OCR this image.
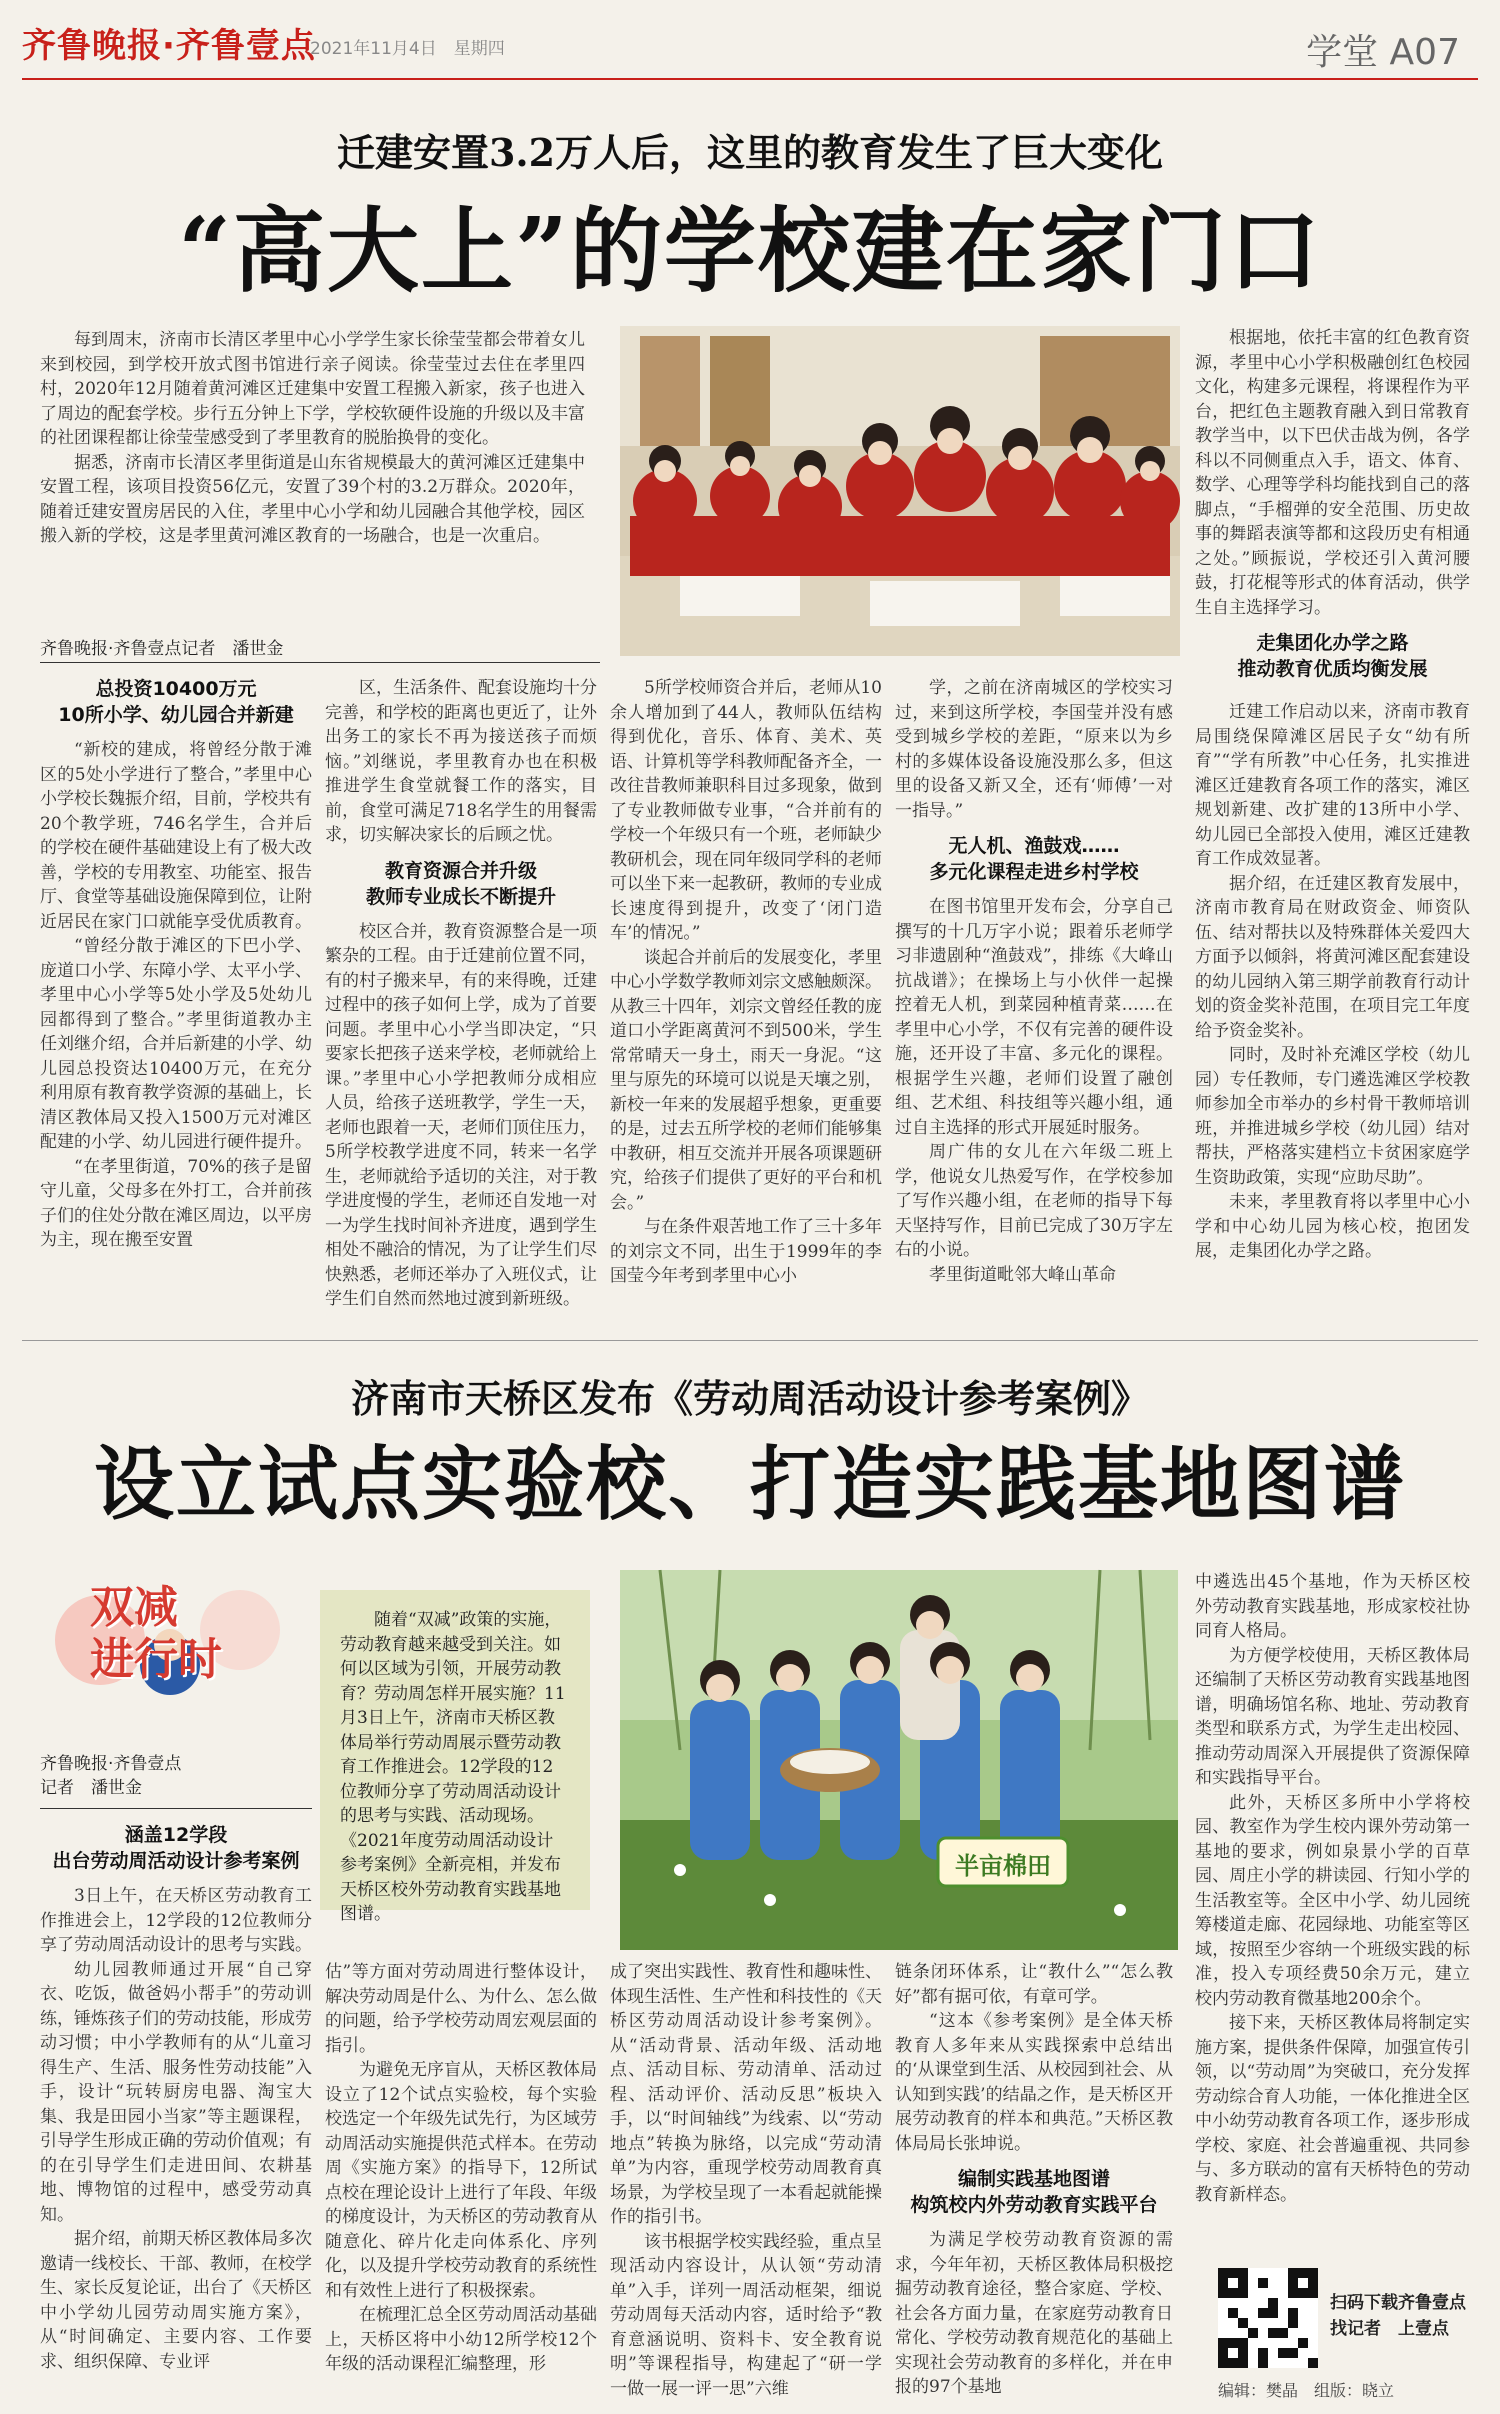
齐鲁晚报·齐鲁壹点
2021年11月4日　星期四	学堂 A07
迁建安置3.2万人后，这里的教育发生了巨大变化
“高大上”的学校建在家门口

每到周末，济南市长清区孝里中心小学学生家长徐莹莹都会带着女儿来到校园，到学校开放式图书馆进行亲子阅读。徐莹莹过去住在孝里四村，2020年12月随着黄河滩区迁建集中安置工程搬入新家，孩子也进入了周边的配套学校。步行五分钟上下学，学校软硬件设施的升级以及丰富的社团课程都让徐莹莹感受到了孝里教育的脱胎换骨的变化。

据悉，济南市长清区孝里街道是山东省规模最大的黄河滩区迁建集中安置工程，该项目投资56亿元，安置了39个村的3.2万群众。2020年，随着迁建安置房居民的入住，孝里中心小学和幼儿园融合其他学校，园区搬入新的学校，这是孝里黄河滩区教育的一场融合，也是一次重启。

根据地，依托丰富的红色教育资源，孝里中心小学积极融创红色校园文化，构建多元课程，将课程作为平台，把红色主题教育融入到日常教育教学当中，以下巴伏击战为例，各学科以不同侧重点入手，语文、体育、数学、心理等学科均能找到自己的落脚点，“手榴弹的安全范围、历史故事的舞蹈表演等都和这段历史有相通之处。”顾振说，学校还引入黄河腰鼓，打花棍等形式的体育活动，供学生自主选择学习。

走集团化办学之路
推动教育优质均衡发展
齐鲁晚报·齐鲁壹点记者　潘世金
总投资10400万元
10所小学、幼儿园合并新建

“新校的建成，将曾经分散于滩区的5处小学进行了整合，”孝里中心小学校长魏振介绍，目前，学校共有20个教学班，746名学生，合并后的学校在硬件基础建设上有了极大改善，学校的专用教室、功能室、报告厅、食堂等基础设施保障到位，让附近居民在家门口就能享受优质教育。

“曾经分散于滩区的下巴小学、庞道口小学、东障小学、太平小学、孝里中心小学等5处小学及5处幼儿园都得到了整合。”孝里街道教办主任刘继介绍，合并后新建的小学、幼儿园总投资达10400万元，在充分利用原有教育教学资源的基础上，长清区教体局又投入1500万元对滩区配建的小学、幼儿园进行硬件提升。

“在孝里街道，70%的孩子是留守儿童，父母多在外打工，合并前孩子们的住处分散在滩区周边，以平房为主，现在搬至安置

区，生活条件、配套设施均十分完善，和学校的距离也更近了，让外出务工的家长不再为接送孩子而烦恼。”刘继说，孝里教育办也在积极推进学生食堂就餐工作的落实，目前，食堂可满足718名学生的用餐需求，切实解决家长的后顾之忧。

教育资源合并升级
教师专业成长不断提升

校区合并，教育资源整合是一项繁杂的工程。由于迁建前位置不同，有的村子搬来早，有的来得晚，迁建过程中的孩子如何上学，成为了首要问题。孝里中心小学当即决定，“只要家长把孩子送来学校，老师就给上课。”孝里中心小学把教师分成相应人员，给孩子送班教学，学生一天，老师也跟着一天，老师们顶住压力，5所学校教学进度不同，转来一名学生，老师就给予适切的关注，对于教学进度慢的学生，老师还自发地一对一为学生找时间补齐进度，遇到学生相处不融洽的情况，为了让学生们尽快熟悉，老师还举办了入班仪式，让学生们自然而然地过渡到新班级。

5所学校师资合并后，老师从10余人增加到了44人，教师队伍结构得到优化，音乐、体育、美术、英语、计算机等学科教师配备齐全，一改往昔教师兼职科目过多现象，做到了专业教师做专业事，“合并前有的学校一个年级只有一个班，老师缺少教研机会，现在同年级同学科的老师可以坐下来一起教研，教师的专业成长速度得到提升，改变了‘闭门造车’的情况。”

谈起合并前后的发展变化，孝里中心小学数学教师刘宗文感触颇深。从教三十四年，刘宗文曾经任教的庞道口小学距离黄河不到500米，学生常常晴天一身土，雨天一身泥。“这里与原先的环境可以说是天壤之别，新校一年来的发展超乎想象，更重要的是，过去五所学校的老师们能够集中教研，相互交流并开展各项课题研究，给孩子们提供了更好的平台和机会。”

与在条件艰苦地工作了三十多年的刘宗文不同，出生于1999年的李国莹今年考到孝里中心小

学，之前在济南城区的学校实习过，来到这所学校，李国莹并没有感受到城乡学校的差距，“原来以为乡村的多媒体设备设施没那么多，但这里的设备又新又全，还有‘师傅’一对一指导。”

无人机、渔鼓戏……
多元化课程走进乡村学校

在图书馆里开发布会，分享自己撰写的十几万字小说；跟着乐老师学习非遗剧种“渔鼓戏”，排练《大峰山抗战谱》；在操场上与小伙伴一起操控着无人机，到菜园种植青菜……在孝里中心小学，不仅有完善的硬件设施，还开设了丰富、多元化的课程。根据学生兴趣，老师们设置了融创组、艺术组、科技组等兴趣小组，通过自主选择的形式开展延时服务。

周广伟的女儿在六年级二班上学，他说女儿热爱写作，在学校参加了写作兴趣小组，在老师的指导下每天坚持写作，目前已完成了30万字左右的小说。

孝里街道毗邻大峰山革命

迁建工作启动以来，济南市教育局围绕保障滩区居民子女“幼有所育”“学有所教”中心任务，扎实推进滩区迁建教育各项工作的落实，滩区规划新建、改扩建的13所中小学、幼儿园已全部投入使用，滩区迁建教育工作成效显著。

据介绍，在迁建区教育发展中，济南市教育局在财政资金、师资队伍、结对帮扶以及特殊群体关爱四大方面予以倾斜，将黄河滩区配套建设的幼儿园纳入第三期学前教育行动计划的资金奖补范围，在项目完工年度给予资金奖补。

同时，及时补充滩区学校（幼儿园）专任教师，专门遴选滩区学校教师参加全市举办的乡村骨干教师培训班，并推进城乡学校（幼儿园）结对帮扶，严格落实建档立卡贫困家庭学生资助政策，实现“应助尽助”。

未来，孝里教育将以孝里中心小学和中心幼儿园为核心校，抱团发展，走集团化办学之路。

济南市天桥区发布《劳动周活动设计参考案例》
设立试点实验校、打造实践基地图谱
双减
进行时
齐鲁晚报·齐鲁壹点
记者　潘世金

随着“双减”政策的实施，劳动教育越来越受到关注。如何以区域为引领，开展劳动教育？劳动周怎样开展实施？11月3日上午，济南市天桥区教体局举行劳动周展示暨劳动教育工作推进会。12学段的12位教师分享了劳动周活动设计的思考与实践、活动现场。《2021年度劳动周活动设计参考案例》全新亮相，并发布天桥区校外劳动教育实践基地图谱。

半亩棉田

中遴选出45个基地，作为天桥区校外劳动教育实践基地，形成家校社协同育人格局。

为方便学校使用，天桥区教体局还编制了天桥区劳动教育实践基地图谱，明确场馆名称、地址、劳动教育类型和联系方式，为学生走出校园、推动劳动周深入开展提供了资源保障和实践指导平台。

此外，天桥区多所中小学将校园、教室作为学生校内课外劳动第一基地的要求，例如泉景小学的百草园、周庄小学的耕读园、行知小学的生活教室等。全区中小学、幼儿园统筹楼道走廊、花园绿地、功能室等区域，按照至少容纳一个班级实践的标准，投入专项经费50余万元，建立校内劳动教育微基地200余个。

接下来，天桥区教体局将制定实施方案，提供条件保障，加强宣传引领，以“劳动周”为突破口，充分发挥劳动综合育人功能，一体化推进全区中小幼劳动教育各项工作，逐步形成学校、家庭、社会普遍重视、共同参与、多方联动的富有天桥特色的劳动教育新样态。

涵盖12学段
出台劳动周活动设计参考案例

3日上午，在天桥区劳动教育工作推进会上，12学段的12位教师分享了劳动周活动设计的思考与实践。

幼儿园教师通过开展“自己穿衣、吃饭，做爸妈小帮手”的劳动训练，锤炼孩子们的劳动技能，形成劳动习惯；中小学教师有的从“儿童习得生产、生活、服务性劳动技能”入手，设计“玩转厨房电器、淘宝大集、我是田园小当家”等主题课程，引导学生形成正确的劳动价值观；有的在引导学生们走进田间、农耕基地、博物馆的过程中，感受劳动真知。

据介绍，前期天桥区教体局多次邀请一线校长、干部、教师，在校学生、家长反复论证，出台了《天桥区中小学幼儿园劳动周实施方案》，从“时间确定、主要内容、工作要求、组织保障、专业评

估”等方面对劳动周进行整体设计，解决劳动周是什么、为什么、怎么做的问题，给予学校劳动周宏观层面的指引。

为避免无序盲从，天桥区教体局设立了12个试点实验校，每个实验校选定一个年级先试先行，为区域劳动周活动实施提供范式样本。在劳动周《实施方案》的指导下，12所试点校在理论设计上进行了年段、年级的梯度设计，为天桥区的劳动教育从随意化、碎片化走向体系化、序列化，以及提升学校劳动教育的系统性和有效性上进行了积极探索。

在梳理汇总全区劳动周活动基础上，天桥区将中小幼12所学校12个年级的活动课程汇编整理，形

成了突出实践性、教育性和趣味性、体现生活性、生产性和科技性的《天桥区劳动周活动设计参考案例》。从“活动背景、活动年级、活动地点、活动目标、劳动清单、活动过程、活动评价、活动反思”板块入手，以“时间轴线”为线索、以“劳动地点”转换为脉络，以完成“劳动清单”为内容，重现学校劳动周教育真场景，为学校呈现了一本看起就能操作的指引书。

该书根据学校实践经验，重点呈现活动内容设计，从认领“劳动清单”入手，详列一周活动框架，细说劳动周每天活动内容，适时给予“教育意涵说明、资料卡、安全教育说明”等课程指导，构建起了“研一学一做一展一评一思”六维

链条闭环体系，让“教什么”“怎么教好”都有据可依，有章可学。

“这本《参考案例》是全体天桥教育人多年来从实践探索中总结出的‘从课堂到生活、从校园到社会、从认知到实践’的结晶之作，是天桥区开展劳动教育的样本和典范。”天桥区教体局局长张坤说。

编制实践基地图谱
构筑校内外劳动教育实践平台

为满足学校劳动教育资源的需求，今年年初，天桥区教体局积极挖掘劳动教育途径，整合家庭、学校、社会各方面力量，在家庭劳动教育日常化、学校劳动教育规范化的基础上实现社会劳动教育的多样化，并在申报的97个基地

扫码下载齐鲁壹点
找记者　上壹点
编辑：樊晶　组版：晓立
